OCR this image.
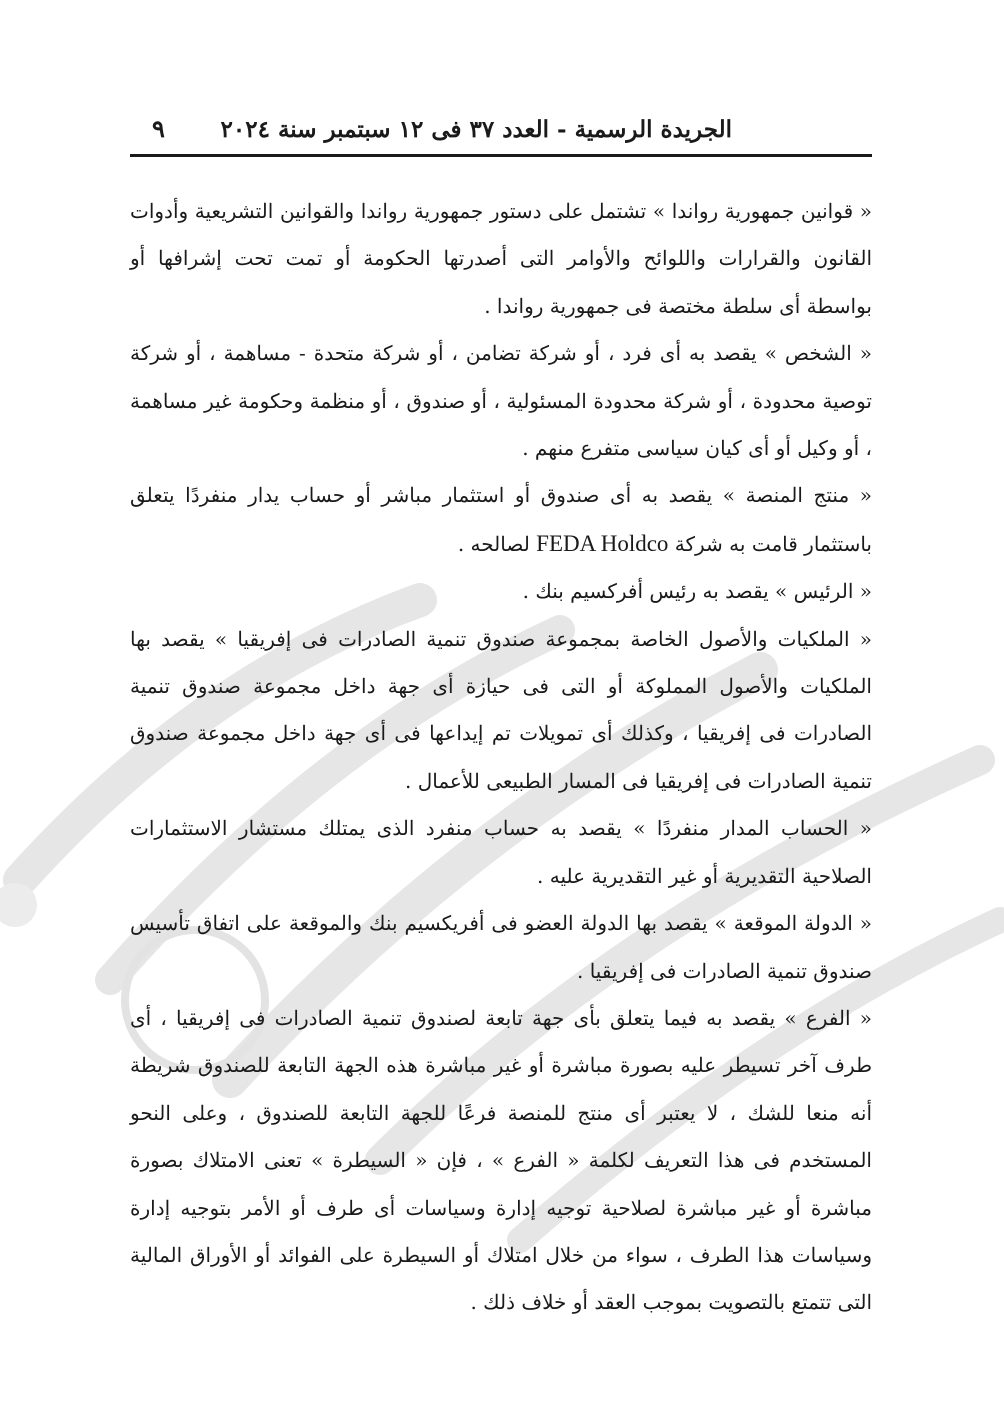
الجريدة الرسمية - العدد ٣٧ فى ١٢ سبتمبر سنة ٢٠٢٤
٩

« قوانين جمهورية رواندا » تشتمل على دستور جمهورية رواندا والقوانين التشريعية وأدوات القانون والقرارات واللوائح والأوامر التى أصدرتها الحكومة أو تمت تحت إشرافها أو بواسطة أى سلطة مختصة فى جمهورية رواندا .

« الشخص » يقصد به أى فرد ، أو شركة تضامن ، أو شركة متحدة - مساهمة ، أو شركة توصية محدودة ، أو شركة محدودة المسئولية ، أو صندوق ، أو منظمة وحكومة غير مساهمة ، أو وكيل أو أى كيان سياسى متفرع منهم .

« منتج المنصة » يقصد به أى صندوق أو استثمار مباشر أو حساب يدار منفردًا يتعلق باستثمار قامت به شركة FEDA Holdco لصالحه .

« الرئيس » يقصد به رئيس أفركسيم بنك .

« الملكيات والأصول الخاصة بمجموعة صندوق تنمية الصادرات فى إفريقيا » يقصد بها الملكيات والأصول المملوكة أو التى فى حيازة أى جهة داخل مجموعة صندوق تنمية الصادرات فى إفريقيا ، وكذلك أى تمويلات تم إيداعها فى أى جهة داخل مجموعة صندوق تنمية الصادرات فى إفريقيا فى المسار الطبيعى للأعمال .

« الحساب المدار منفردًا » يقصد به حساب منفرد الذى يمتلك مستشار الاستثمارات الصلاحية التقديرية أو غير التقديرية عليه .

« الدولة الموقعة » يقصد بها الدولة العضو فى أفريكسيم بنك والموقعة على اتفاق تأسيس صندوق تنمية الصادرات فى إفريقيا .

« الفرع » يقصد به فيما يتعلق بأى جهة تابعة لصندوق تنمية الصادرات فى إفريقيا ، أى طرف آخر تسيطر عليه بصورة مباشرة أو غير مباشرة هذه الجهة التابعة للصندوق شريطة أنه منعا للشك ، لا يعتبر أى منتج للمنصة فرعًا للجهة التابعة للصندوق ، وعلى النحو المستخدم فى هذا التعريف لكلمة « الفرع » ، فإن « السيطرة » تعنى الامتلاك بصورة مباشرة أو غير مباشرة لصلاحية توجيه إدارة وسياسات أى طرف أو الأمر بتوجيه إدارة وسياسات هذا الطرف ، سواء من خلال امتلاك أو السيطرة على الفوائد أو الأوراق المالية التى تتمتع بالتصويت بموجب العقد أو خلاف ذلك .
